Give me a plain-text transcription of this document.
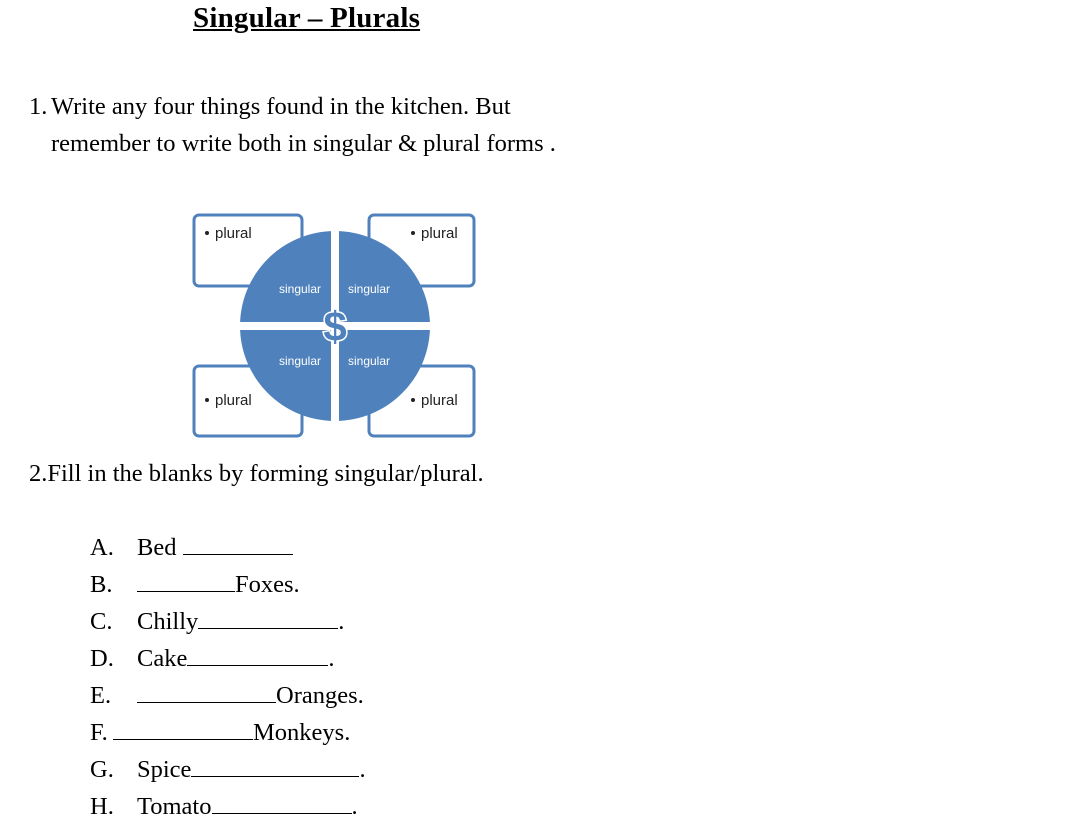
Singular – Plurals
1. Write any four things found in the kitchen. But remember to write both in singular & plural forms .
plural	plural
plural	plural
$
singular singular
singular singular
2.Fill in the blanks by forming singular/plural.
A. Bed
B.	Foxes.
C. Chilly	.
D. Cake	.
E.	Oranges.
F.	Monkeys.
G. Spice	.
H. Tomato	.
